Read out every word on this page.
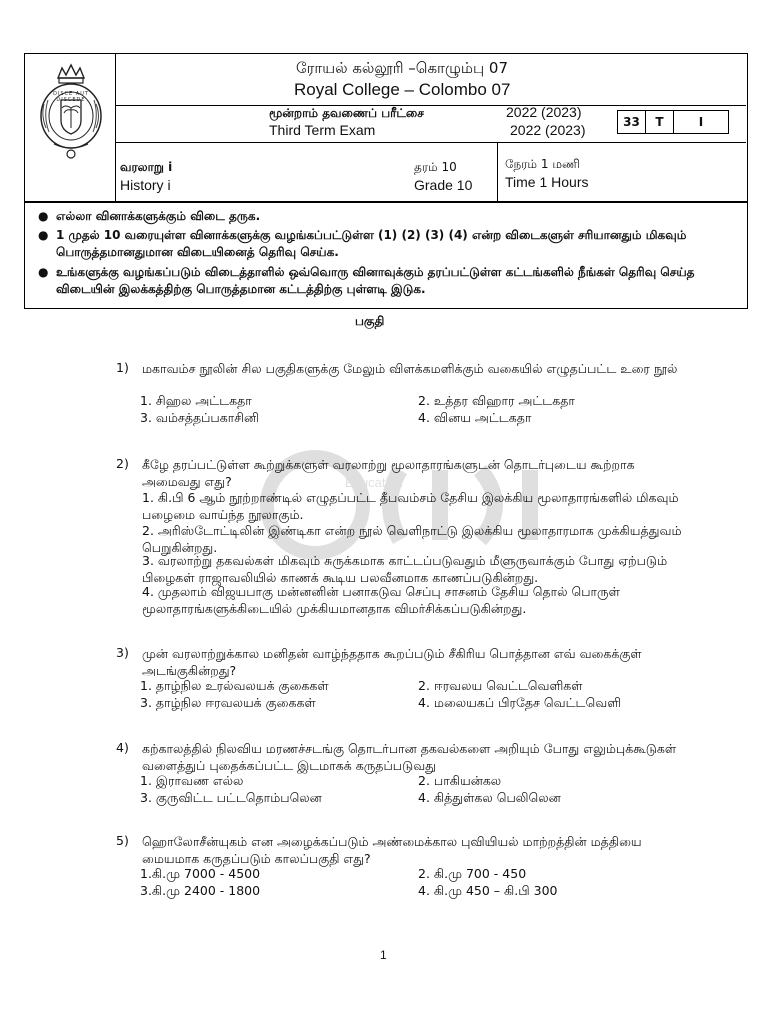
DISCE AUT DISCEDE
ரோயல் கல்லூரி –கொழும்பு 07
Royal College – Colombo 07
மூன்றாம் தவணைப் பரீட்சை	2022 (2023)
Third Term Exam	2022 (2023)	33	T	I
வரலாறு i
History i
தரம் 10
Grade 10
நேரம் 1 மணி
Time 1 Hours
● எல்லா வினாக்களுக்கும் விடை தருக.
● 1 முதல் 10 வரையுள்ள வினாக்களுக்கு வழங்கப்பட்டுள்ள (1) (2) (3) (4) என்ற விடைகளுள் சரியானதும் மிகவும் பொருத்தமானதுமான விடையினைத் தெரிவு செய்க.
● உங்களுக்கு வழங்கப்படும் விடைத்தாளில் ஒவ்வொரு வினாவுக்கும் தரப்பட்டுள்ள கட்டங்களில் நீங்கள் தெரிவு செய்த விடையின் இலக்கத்திற்கு பொருத்தமான கட்டத்திற்கு புள்ளடி இடுக.
பகுதி
Education
1) மகாவம்ச நூலின் சில பகுதிகளுக்கு மேலும் விளக்கமளிக்கும் வகையில் எழுதப்பட்ட உரை நூல்
1. சிஹல அட்டகதா	2. உத்தர விஹார அட்டகதா
3. வம்சத்தப்பகாசினி	4. வினய அட்டகதா
2) கீழே தரப்பட்டுள்ள கூற்றுக்களுள் வரலாற்று மூலாதாரங்களுடன் தொடர்புடைய கூற்றாக அமைவது எது?
1. கி.பி 6 ஆம் நூற்றாண்டில் எழுதப்பட்ட தீபவம்சம் தேசிய இலக்கிய மூலாதாரங்களில் மிகவும் பழைமை வாய்ந்த நூலாகும்.
2. அரிஸ்டோட்டிலின் இண்டிகா என்ற நூல் வெளிநாட்டு இலக்கிய மூலாதாரமாக முக்கியத்துவம் பெறுகின்றது.
3. வரலாற்று தகவல்கள் மிகவும் சுருக்கமாக காட்டப்படுவதும் மீளுருவாக்கும் போது ஏற்படும் பிழைகள் ராஜாவலியில் காணக் கூடிய பலவீனமாக காணப்படுகின்றது.
4. முதலாம் விஜயபாகு மன்னனின் பனாகடுவ செப்பு சாசனம் தேசிய தொல் பொருள் மூலாதாரங்களுக்கிடையில் முக்கியமானதாக விமர்சிக்கப்படுகின்றது.
3) முன் வரலாற்றுக்கால மனிதன் வாழ்ந்ததாக கூறப்படும் சீகிரிய பொத்தான எவ் வகைக்குள் அடங்குகின்றது?
1. தாழ்நில உரல்வலயக் குகைகள்	2. ஈரவலய வெட்டவெளிகள்
3. தாழ்நில ஈரவலயக் குகைகள்	4. மலையகப் பிரதேச வெட்டவெளி
4) கற்காலத்தில் நிலவிய மரணச்சடங்கு தொடர்பான தகவல்களை அறியும் போது எலும்புக்கூடுகள் வளைத்துப் புதைக்கப்பட்ட இடமாகக் கருதப்படுவது
1. இராவண எல்ல	2. பாகியன்கல
3. குருவிட்ட பட்டதொம்பலென	4. கித்துள்கல பெலிலென
5) ஹொலோசீன்யுகம் என அழைக்கப்படும் அண்மைக்கால புவியியல் மாற்றத்தின் மத்தியை மையமாக கருதப்படும் காலப்பகுதி எது?
1.கி.மு 7000 - 4500	2. கி.மு 700 - 450
3.கி.மு 2400 - 1800	4. கி.மு 450 – கி.பி 300
1
